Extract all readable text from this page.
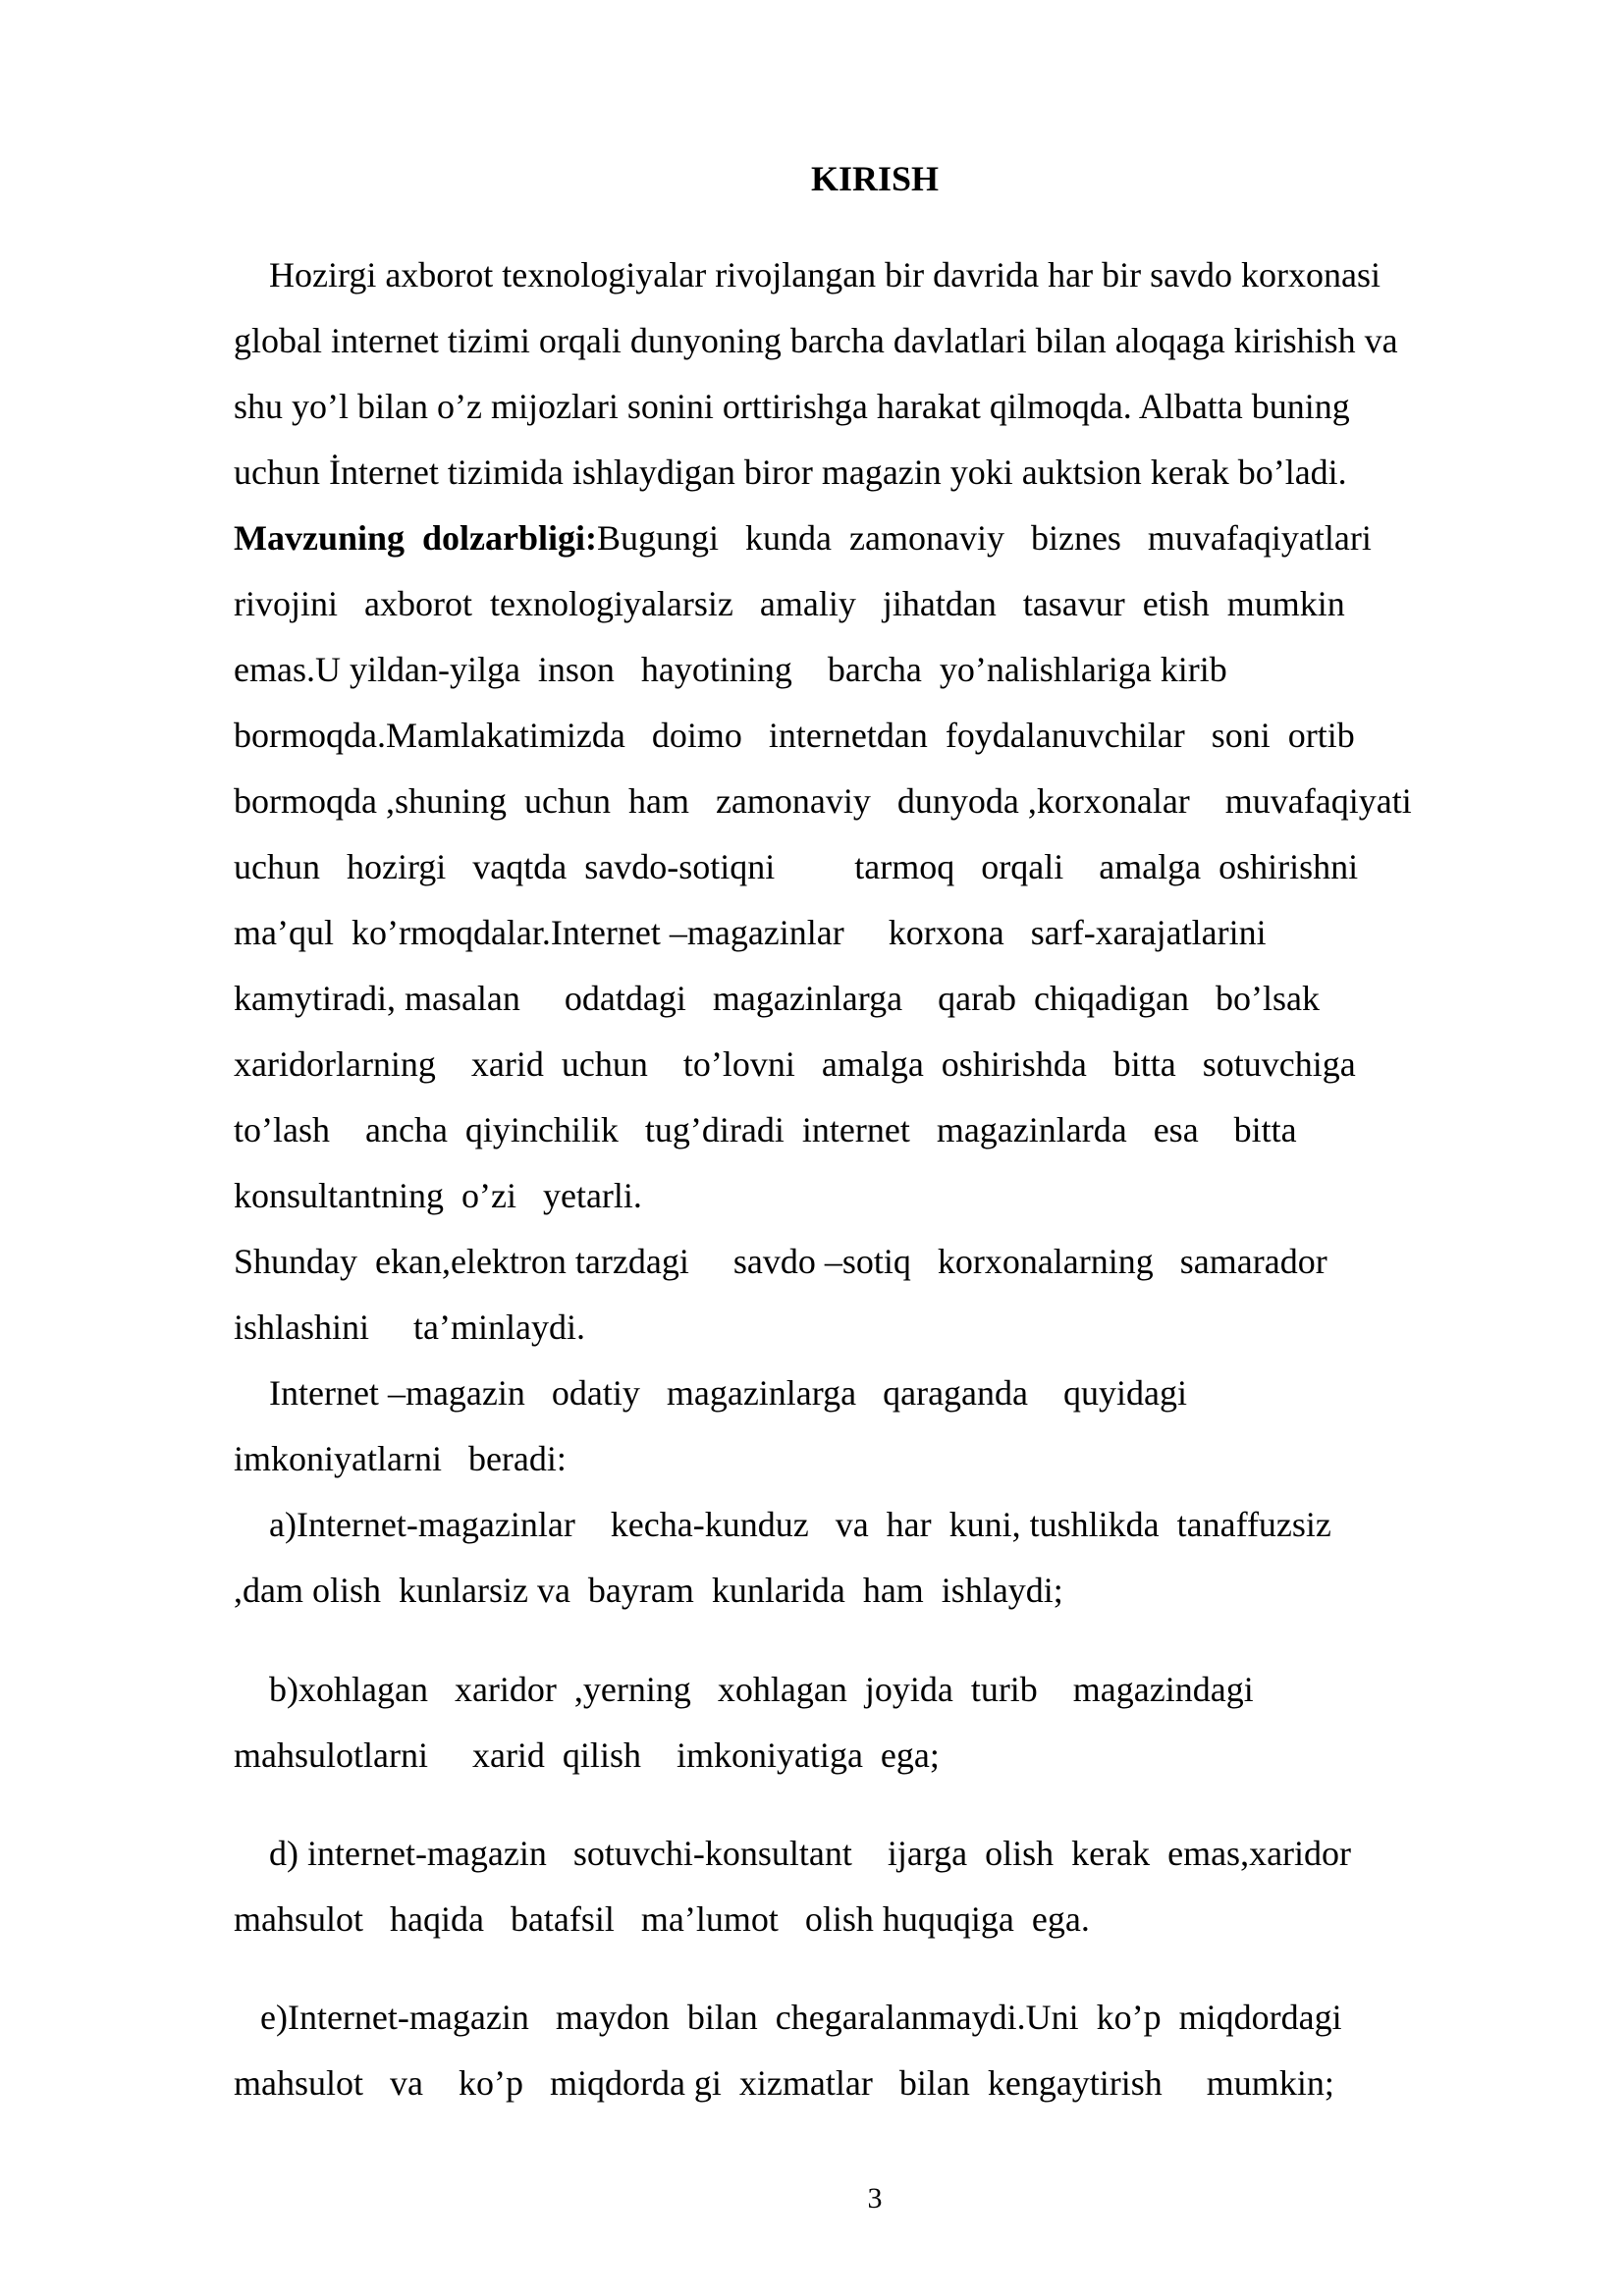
KIRISH

Hozirgi axborot texnologiyalar rivojlangan bir davrida har bir savdo korxonasi

global internet tizimi orqali dunyoning barcha davlatlari bilan aloqaga kirishish va

shu yo’l bilan o’z mijozlari sonini orttirishga harakat qilmoqda. Albatta buning

uchun İnternet tizimida ishlaydigan biror magazin yoki auktsion kerak bo’ladi.

Mavzuning  dolzarbligi:Bugungi   kunda  zamonaviy   biznes   muvafaqiyatlari

rivojini   axborot  texnologiyalarsiz   amaliy   jihatdan   tasavur  etish  mumkin

emas.U yildan-yilga  inson   hayotining    barcha  yo’nalishlariga kirib

bormoqda.Mamlakatimizda   doimo   internetdan  foydalanuvchilar   soni  ortib

bormoqda ,shuning  uchun  ham   zamonaviy   dunyoda ,korxonalar    muvafaqiyati

uchun   hozirgi   vaqtda  savdo-sotiqni         tarmoq   orqali    amalga  oshirishni

ma’qul  ko’rmoqdalar.Internet –magazinlar     korxona   sarf-xarajatlarini

kamytiradi, masalan     odatdagi   magazinlarga    qarab  chiqadigan   bo’lsak

xaridorlarning    xarid  uchun    to’lovni   amalga  oshirishda   bitta   sotuvchiga

to’lash    ancha  qiyinchilik   tug’diradi  internet   magazinlarda   esa    bitta

konsultantning  o’zi   yetarli.

Shunday  ekan,elektron tarzdagi     savdo –sotiq   korxonalarning   samarador

ishlashini     ta’minlaydi.

Internet –magazin   odatiy   magazinlarga   qaraganda    quyidagi

imkoniyatlarni   beradi:

a)Internet-magazinlar    kecha-kunduz   va  har  kuni, tushlikda  tanaffuzsiz

,dam olish  kunlarsiz va  bayram  kunlarida  ham  ishlaydi;

b)xohlagan   xaridor  ,yerning   xohlagan  joyida  turib    magazindagi

mahsulotlarni     xarid  qilish    imkoniyatiga  ega;

d) internet-magazin   sotuvchi-konsultant    ijarga  olish  kerak  emas,xaridor

mahsulot   haqida   batafsil   ma’lumot   olish huquqiga  ega.

e)Internet-magazin   maydon  bilan  chegaralanmaydi.Uni  ko’p  miqdordagi

mahsulot   va    ko’p   miqdorda gi  xizmatlar   bilan  kengaytirish     mumkin;

3
